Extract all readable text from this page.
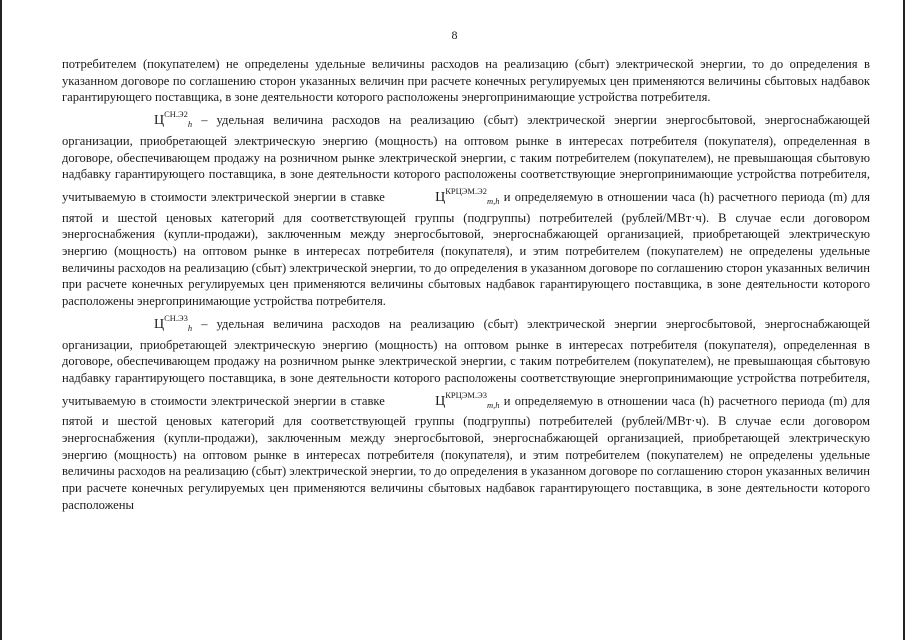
8

потребителем (покупателем) не определены удельные величины расходов на реализацию (сбыт) электрической энергии, то до определения в указанном договоре по соглашению сторон указанных величин при расчете конечных регулируемых цен применяются величины сбытовых надбавок гарантирующего поставщика, в зоне деятельности которого расположены энергопринимающие устройства потребителя.

$Ц^{СН.Э2}_h$ – удельная величина расходов на реализацию (сбыт) электрической энергии энергосбытовой, энергоснабжающей организации, приобретающей электрическую энергию (мощность) на оптовом рынке в интересах потребителя (покупателя), определенная в договоре, обеспечивающем продажу на розничном рынке электрической энергии, с таким потребителем (покупателем), не превышающая сбытовую надбавку гарантирующего поставщика, в зоне деятельности которого расположены соответствующие энергопринимающие устройства потребителя, учитываемую в стоимости электрической энергии в ставке	$Ц^{КРЦЭМ.Э2}_{m,h}$ и определяемую в отношении часа (h) расчетного периода (m) для пятой и шестой ценовых категорий для соответствующей группы (подгруппы) потребителей (рублей/МВт·ч). В случае если договором энергоснабжения (купли-продажи), заключенным между энергосбытовой, энергоснабжающей организацией, приобретающей электрическую энергию (мощность) на оптовом рынке в интересах потребителя (покупателя), и этим потребителем (покупателем) не определены удельные величины расходов на реализацию (сбыт) электрической энергии, то до определения в указанном договоре по соглашению сторон указанных величин при расчете конечных регулируемых цен применяются величины сбытовых надбавок гарантирующего поставщика, в зоне деятельности которого расположены энергопринимающие устройства потребителя.

$Ц^{СН.Э3}_h$ – удельная величина расходов на реализацию (сбыт) электрической энергии энергосбытовой, энергоснабжающей организации, приобретающей электрическую энергию (мощность) на оптовом рынке в интересах потребителя (покупателя), определенная в договоре, обеспечивающем продажу на розничном рынке электрической энергии, с таким потребителем (покупателем), не превышающая сбытовую надбавку гарантирующего поставщика, в зоне деятельности которого расположены соответствующие энергопринимающие устройства потребителя, учитываемую в стоимости электрической энергии в ставке	$Ц^{КРЦЭМ.Э3}_{m,h}$ и определяемую в отношении часа (h) расчетного периода (m) для пятой и шестой ценовых категорий для соответствующей группы (подгруппы) потребителей (рублей/МВт·ч). В случае если договором энергоснабжения (купли-продажи), заключенным между энергосбытовой, энергоснабжающей организацией, приобретающей электрическую энергию (мощность) на оптовом рынке в интересах потребителя (покупателя), и этим потребителем (покупателем) не определены удельные величины расходов на реализацию (сбыт) электрической энергии, то до определения в указанном договоре по соглашению сторон указанных величин при расчете конечных регулируемых цен применяются величины сбытовых надбавок гарантирующего поставщика, в зоне деятельности которого расположены
